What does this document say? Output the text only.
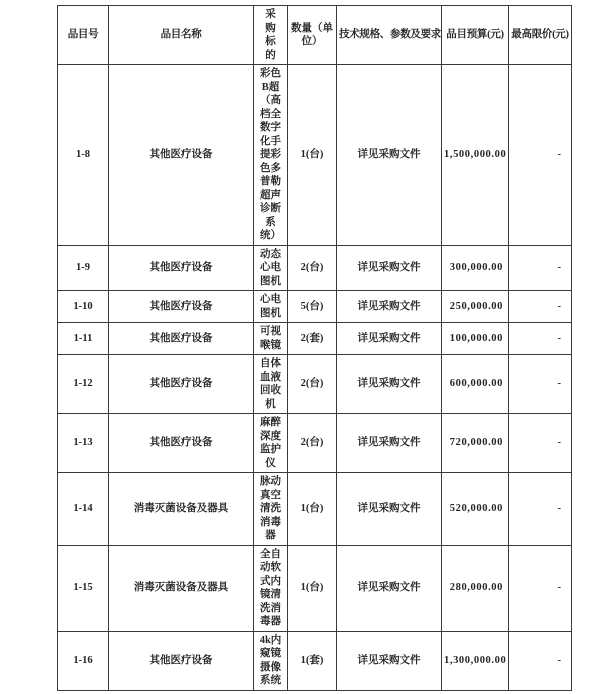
品目号	品目名称	采购标的	数量（单位）	技术规格、参数及要求	品目预算(元)	最高限价(元)
1-8	其他医疗设备	彩色B超（高档全数字化手提彩色多普勒超声诊断系统）	1(台)	详见采购文件	1,500,000.00	-
1-9	其他医疗设备	动态心电图机	2(台)	详见采购文件	300,000.00	-
1-10	其他医疗设备	心电图机	5(台)	详见采购文件	250,000.00	-
1-11	其他医疗设备	可视喉镜	2(套)	详见采购文件	100,000.00	-
1-12	其他医疗设备	自体血液回收机	2(台)	详见采购文件	600,000.00	-
1-13	其他医疗设备	麻醉深度监护仪	2(台)	详见采购文件	720,000.00	-
1-14	消毒灭菌设备及器具	脉动真空清洗消毒器	1(台)	详见采购文件	520,000.00	-
1-15	消毒灭菌设备及器具	全自动软式内镜清洗消毒器	1(台)	详见采购文件	280,000.00	-
1-16	其他医疗设备	4k内窥镜摄像系统	1(套)	详见采购文件	1,300,000.00	-
